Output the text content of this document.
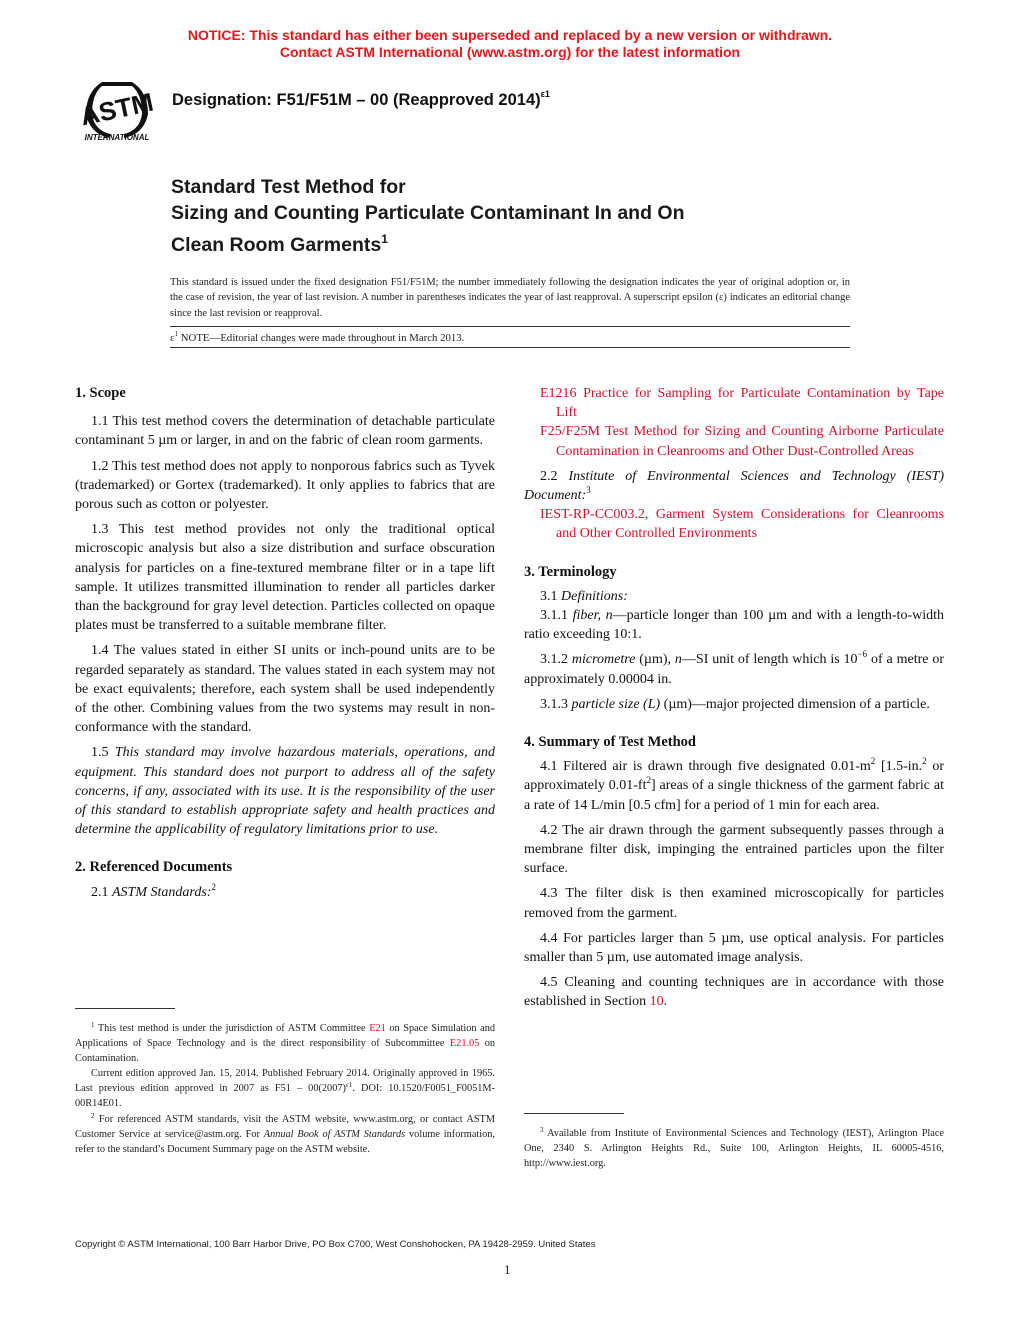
NOTICE: This standard has either been superseded and replaced by a new version or withdrawn.
Contact ASTM International (www.astm.org) for the latest information
ASTM
INTERNATIONAL
Designation: F51/F51M – 00 (Reapproved 2014)$^{\varepsilon 1}$
Standard Test Method for
Sizing and Counting Particulate Contaminant In and On
Clean Room Garments$^1$
This standard is issued under the fixed designation F51/F51M; the number immediately following the designation indicates the year of original adoption or, in the case of revision, the year of last revision. A number in parentheses indicates the year of last reapproval. A superscript epsilon (ε) indicates an editorial change since the last revision or reapproval.
$\varepsilon^1$ NOTE—Editorial changes were made throughout in March 2013.

1. Scope

1.1 This test method covers the determination of detachable particulate contaminant 5 µm or larger, in and on the fabric of clean room garments.

1.2 This test method does not apply to nonporous fabrics such as Tyvek (trademarked) or Gortex (trademarked). It only applies to fabrics that are porous such as cotton or polyester.

1.3 This test method provides not only the traditional optical microscopic analysis but also a size distribution and surface obscuration analysis for particles on a fine-textured membrane filter or in a tape lift sample. It utilizes transmitted illumination to render all particles darker than the background for gray level detection. Particles collected on opaque plates must be transferred to a suitable membrane filter.

1.4 The values stated in either SI units or inch-pound units are to be regarded separately as standard. The values stated in each system may not be exact equivalents; therefore, each system shall be used independently of the other. Combining values from the two systems may result in non-conformance with the standard.

1.5 This standard may involve hazardous materials, operations, and equipment. This standard does not purport to address all of the safety concerns, if any, associated with its use. It is the responsibility of the user of this standard to establish appropriate safety and health practices and determine the applicability of regulatory limitations prior to use.

2. Referenced Documents

2.1 ASTM Standards:$^2$

E1216 Practice for Sampling for Particulate Contamination by Tape Lift

F25/F25M Test Method for Sizing and Counting Airborne Particulate Contamination in Cleanrooms and Other Dust-Controlled Areas

2.2 Institute of Environmental Sciences and Technology (IEST) Document:$^3$

IEST-RP-CC003.2, Garment System Considerations for Cleanrooms and Other Controlled Environments

3. Terminology

3.1 Definitions:

3.1.1 fiber, n—particle longer than 100 µm and with a length-to-width ratio exceeding 10:1.

3.1.2 micrometre (µm), n—SI unit of length which is $10^{-6}$ of a metre or approximately 0.00004 in.

3.1.3 particle size (L) (µm)—major projected dimension of a particle.

4. Summary of Test Method

4.1 Filtered air is drawn through five designated $0.01-m^2$ [1.5-in.$^2$ or approximately $0.01-ft^2$] areas of a single thickness of the garment fabric at a rate of 14 L/min [0.5 cfm] for a period of 1 min for each area.

4.2 The air drawn through the garment subsequently passes through a membrane filter disk, impinging the entrained particles upon the filter surface.

4.3 The filter disk is then examined microscopically for particles removed from the garment.

4.4 For particles larger than 5 µm, use optical analysis. For particles smaller than 5 µm, use automated image analysis.

4.5 Cleaning and counting techniques are in accordance with those established in Section 10.

$^1$ This test method is under the jurisdiction of ASTM Committee E21 on Space Simulation and Applications of Space Technology and is the direct responsibility of Subcommittee E21.05 on Contamination.

Current edition approved Jan. 15, 2014. Published February 2014. Originally approved in 1965. Last previous edition approved in 2007 as $F51 - 00(2007)^{\varepsilon 1}$. DOI: 10.1520/F0051_F0051M-00R14E01.

$^2$ For referenced ASTM standards, visit the ASTM website, www.astm.org, or contact ASTM Customer Service at service@astm.org. For Annual Book of ASTM Standards volume information, refer to the standard’s Document Summary page on the ASTM website.

$^3$ Available from Institute of Environmental Sciences and Technology (IEST), Arlington Place One, 2340 S. Arlington Heights Rd., Suite 100, Arlington Heights, IL 60005-4516, http://www.iest.org.

Copyright © ASTM International, 100 Barr Harbor Drive, PO Box C700, West Conshohocken, PA 19428-2959. United States
1
